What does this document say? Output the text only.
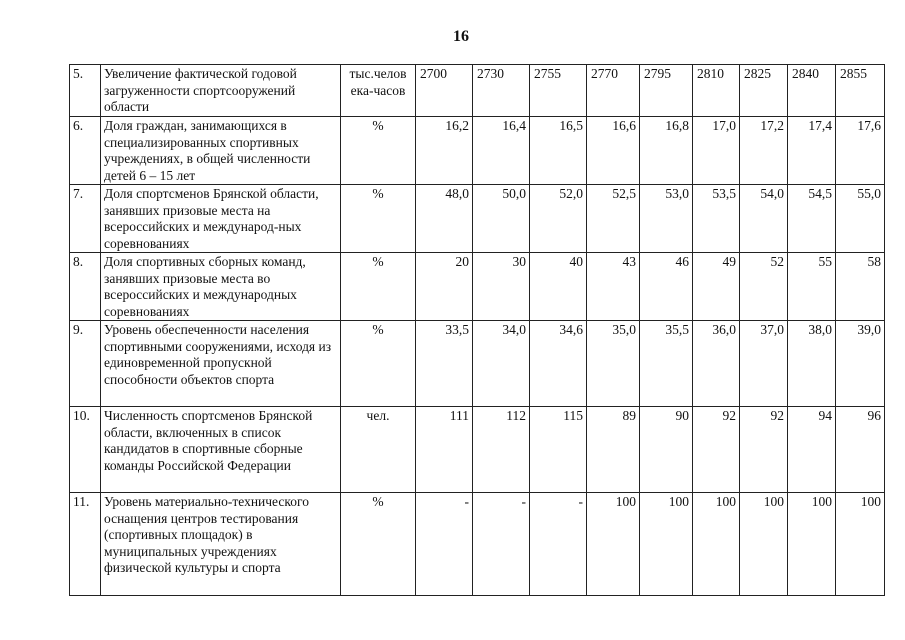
16
5.	Увеличение фактической годовой загруженности спортсооружений области	тыс.челов ека-часов	2700	2730	2755	2770	2795	2810	2825	2840	2855
6.	Доля граждан, занимающихся в специализированных спортивных учреждениях, в общей численности детей 6 – 15 лет	%	16,2	16,4	16,5	16,6	16,8	17,0	17,2	17,4	17,6
7.	Доля спортсменов Брянской области, занявших призовые места на всероссийских и международ-ных соревнованиях	%	48,0	50,0	52,0	52,5	53,0	53,5	54,0	54,5	55,0
8.	Доля спортивных сборных команд, занявших призовые места во всероссийских и международных соревнованиях	%	20	30	40	43	46	49	52	55	58
9.	Уровень обеспеченности населения спортивными сооружениями, исходя из единовременной пропускной способности объектов спорта	%	33,5	34,0	34,6	35,0	35,5	36,0	37,0	38,0	39,0
10.	Численность спортсменов Брянской области, включенных в список кандидатов в спортивные сборные команды Российской Федерации	чел.	111	112	115	89	90	92	92	94	96
11.	Уровень материально-технического оснащения центров тестирования (спортивных площадок) в муниципальных учреждениях физической культуры и спорта	%	-	-	-	100	100	100	100	100	100
